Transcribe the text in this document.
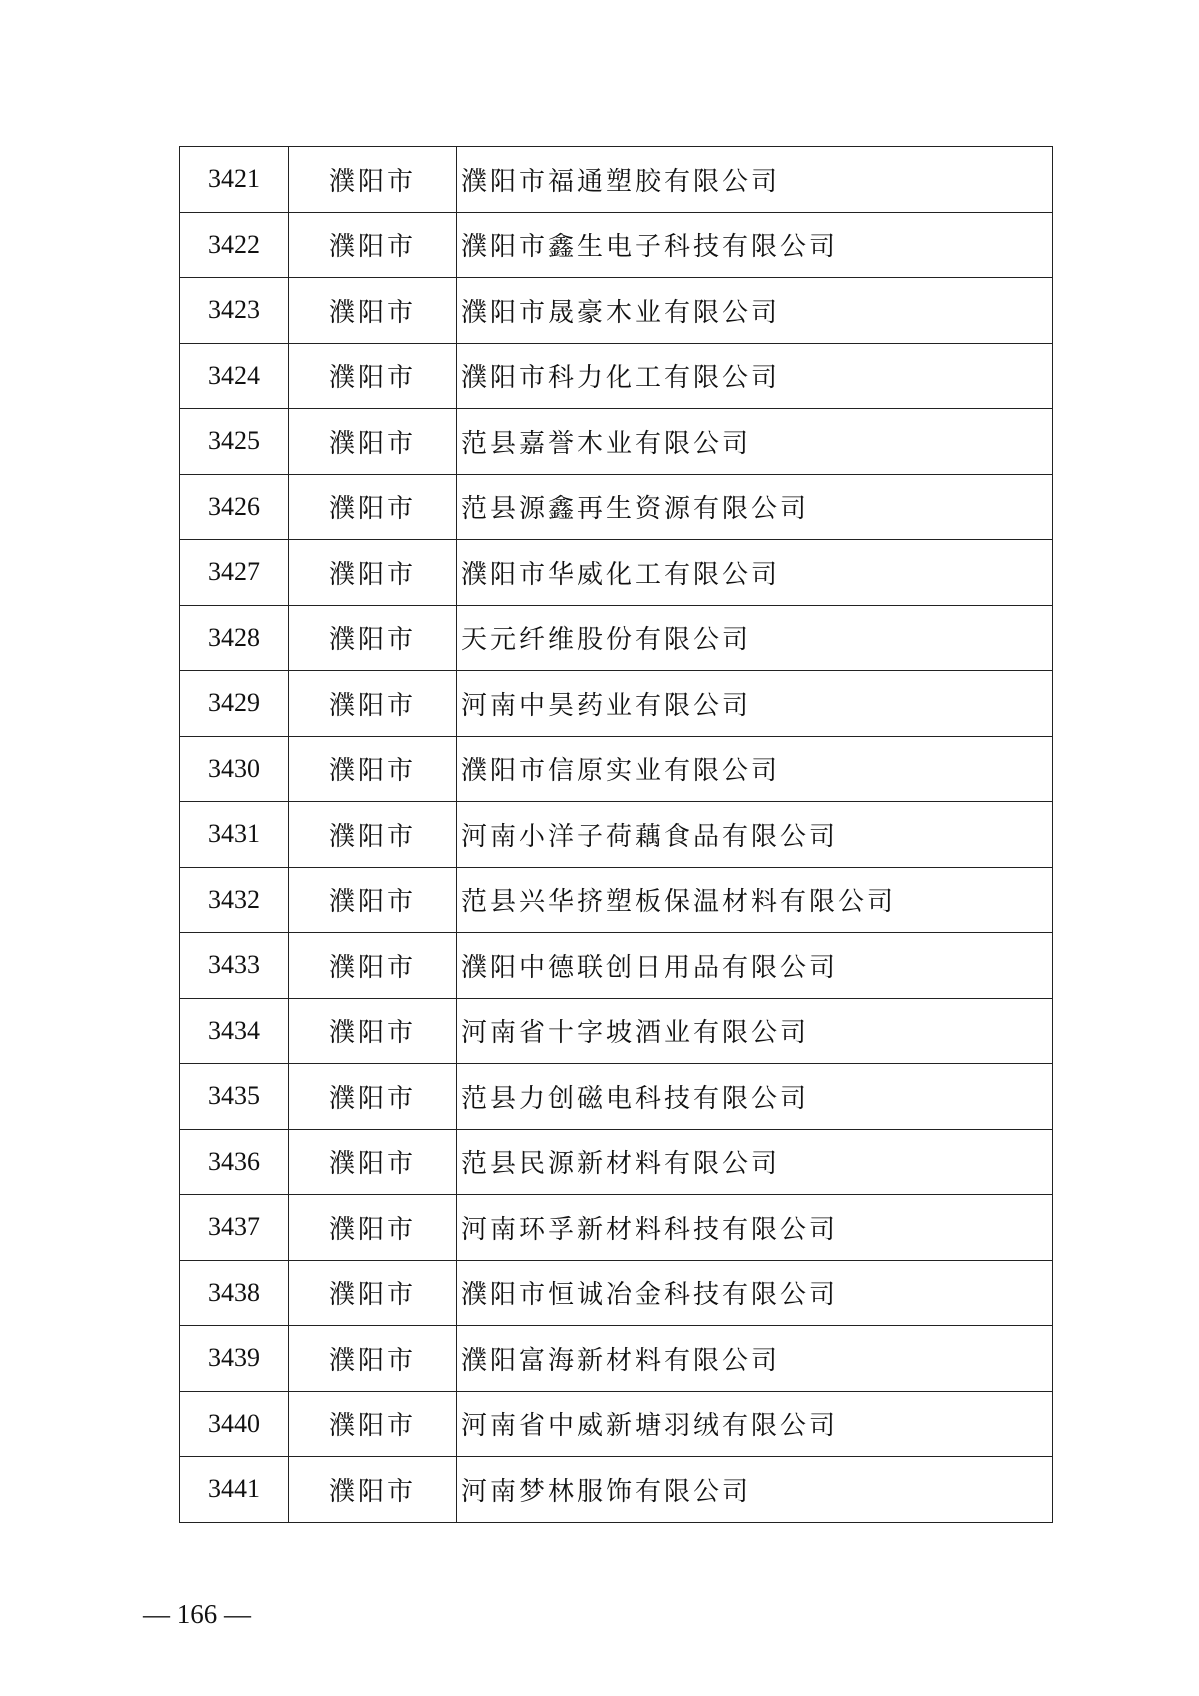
3421	濮阳市	濮阳市福通塑胶有限公司
3422	濮阳市	濮阳市鑫生电子科技有限公司
3423	濮阳市	濮阳市晟豪木业有限公司
3424	濮阳市	濮阳市科力化工有限公司
3425	濮阳市	范县嘉誉木业有限公司
3426	濮阳市	范县源鑫再生资源有限公司
3427	濮阳市	濮阳市华威化工有限公司
3428	濮阳市	天元纤维股份有限公司
3429	濮阳市	河南中昊药业有限公司
3430	濮阳市	濮阳市信原实业有限公司
3431	濮阳市	河南小洋子荷藕食品有限公司
3432	濮阳市	范县兴华挤塑板保温材料有限公司
3433	濮阳市	濮阳中德联创日用品有限公司
3434	濮阳市	河南省十字坡酒业有限公司
3435	濮阳市	范县力创磁电科技有限公司
3436	濮阳市	范县民源新材料有限公司
3437	濮阳市	河南环孚新材料科技有限公司
3438	濮阳市	濮阳市恒诚冶金科技有限公司
3439	濮阳市	濮阳富海新材料有限公司
3440	濮阳市	河南省中威新塘羽绒有限公司
3441	濮阳市	河南梦林服饰有限公司
— 166 —
